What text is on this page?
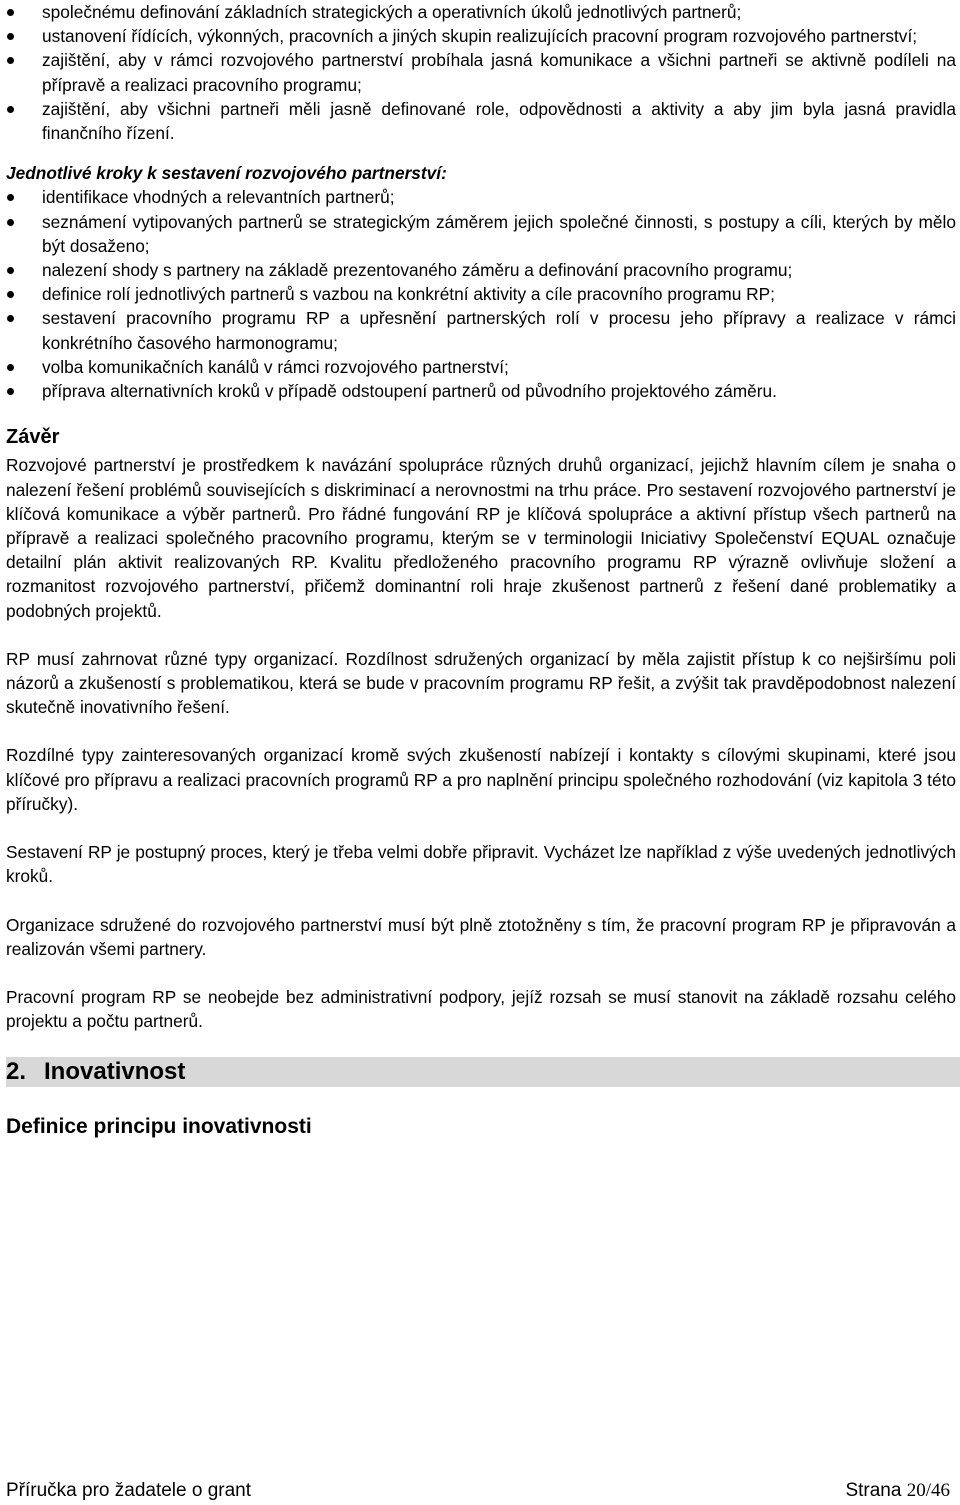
společnému definování základních strategických a operativních úkolů jednotlivých partnerů;
ustanovení řídících, výkonných, pracovních a jiných skupin realizujících pracovní program rozvojového partnerství;
zajištění, aby v rámci rozvojového partnerství probíhala jasná komunikace a všichni partneři se aktivně podíleli na přípravě a realizaci pracovního programu;
zajištění, aby všichni partneři měli jasně definované role, odpovědnosti a aktivity a aby jim byla jasná pravidla finančního řízení.
Jednotlivé kroky k sestavení rozvojového partnerství:
identifikace vhodných a relevantních partnerů;
seznámení vytipovaných partnerů se strategickým záměrem jejich společné činnosti, s postupy a cíli, kterých by mělo být dosaženo;
nalezení shody s partnery na základě prezentovaného záměru a definování pracovního programu;
definice rolí jednotlivých partnerů s vazbou na konkrétní aktivity a cíle pracovního programu RP;
sestavení pracovního programu RP a upřesnění partnerských rolí v procesu jeho přípravy a realizace v rámci konkrétního časového harmonogramu;
volba komunikačních kanálů v rámci rozvojového partnerství;
příprava alternativních kroků v případě odstoupení partnerů od původního projektového záměru.
Závěr

Rozvojové partnerství je prostředkem k navázání spolupráce různých druhů organizací, jejichž hlavním cílem je snaha o nalezení řešení problémů souvisejících s diskriminací a nerovnostmi na trhu práce. Pro sestavení rozvojového partnerství je klíčová komunikace a výběr partnerů. Pro řádné fungování RP je klíčová spolupráce a aktivní přístup všech partnerů na přípravě a realizaci společného pracovního programu, kterým se v terminologii Iniciativy Společenství EQUAL označuje detailní plán aktivit realizovaných RP. Kvalitu předloženého pracovního programu RP výrazně ovlivňuje složení a rozmanitost rozvojového partnerství, přičemž dominantní roli hraje zkušenost partnerů z řešení dané problematiky a podobných projektů.

RP musí zahrnovat různé typy organizací. Rozdílnost sdružených organizací by měla zajistit přístup k co nejširšímu poli názorů a zkušeností s problematikou, která se bude v pracovním programu RP řešit, a zvýšit tak pravděpodobnost nalezení skutečně inovativního řešení.

Rozdílné typy zainteresovaných organizací kromě svých zkušeností nabízejí i kontakty s cílovými skupinami, které jsou klíčové pro přípravu a realizaci pracovních programů RP a pro naplnění principu společného rozhodování (viz kapitola 3 této příručky).

Sestavení RP je postupný proces, který je třeba velmi dobře připravit. Vycházet lze například z výše uvedených jednotlivých kroků.

Organizace sdružené do rozvojového partnerství musí být plně ztotožněny s tím, že pracovní program RP je připravován a realizován všemi partnery.

Pracovní program RP se neobejde bez administrativní podpory, jejíž rozsah se musí stanovit na základě rozsahu celého projektu a počtu partnerů.

2. Inovativnost
Definice principu inovativnosti
Příručka pro žadatele o grant	Strana 20/46
